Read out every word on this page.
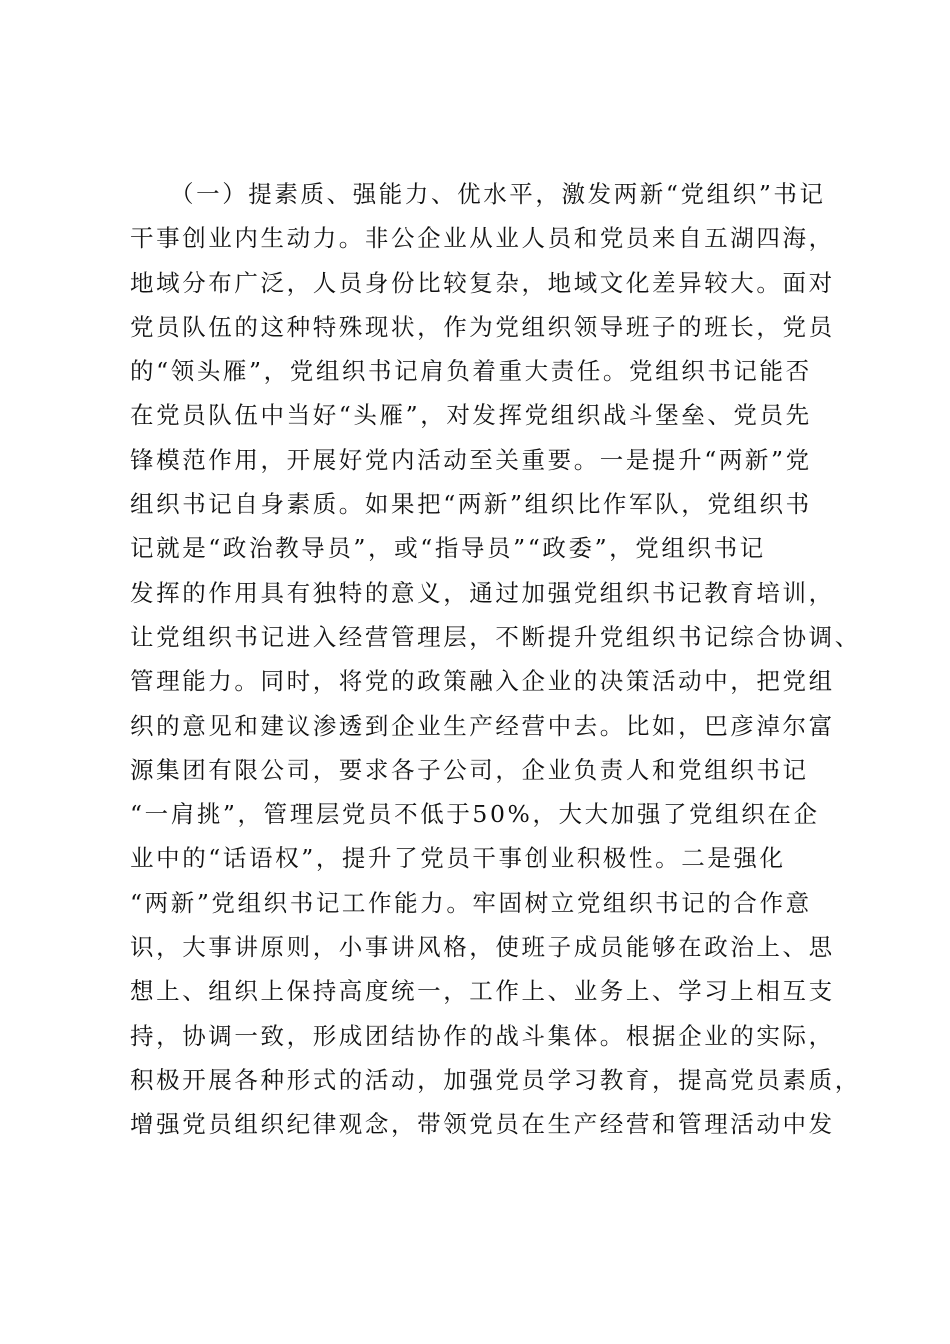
（一）提素质、强能力、优水平，激发两新“党组织”书记
干事创业内生动力。非公企业从业人员和党员来自五湖四海，
地域分布广泛，人员身份比较复杂，地域文化差异较大。面对
党员队伍的这种特殊现状，作为党组织领导班子的班长，党员
的“领头雁”，党组织书记肩负着重大责任。党组织书记能否
在党员队伍中当好“头雁”，对发挥党组织战斗堡垒、党员先
锋模范作用，开展好党内活动至关重要。一是提升“两新”党
组织书记自身素质。如果把“两新”组织比作军队，党组织书
记就是“政治教导员”，或“指导员”“政委”，党组织书记
发挥的作用具有独特的意义，通过加强党组织书记教育培训，
让党组织书记进入经营管理层，不断提升党组织书记综合协调、
管理能力。同时，将党的政策融入企业的决策活动中，把党组
织的意见和建议渗透到企业生产经营中去。比如，巴彦淖尔富
源集团有限公司，要求各子公司，企业负责人和党组织书记
“一肩挑”，管理层党员不低于50%，大大加强了党组织在企
业中的“话语权”，提升了党员干事创业积极性。二是强化
“两新”党组织书记工作能力。牢固树立党组织书记的合作意
识，大事讲原则，小事讲风格，使班子成员能够在政治上、思
想上、组织上保持高度统一，工作上、业务上、学习上相互支
持，协调一致，形成团结协作的战斗集体。根据企业的实际，
积极开展各种形式的活动，加强党员学习教育，提高党员素质，
增强党员组织纪律观念，带领党员在生产经营和管理活动中发
